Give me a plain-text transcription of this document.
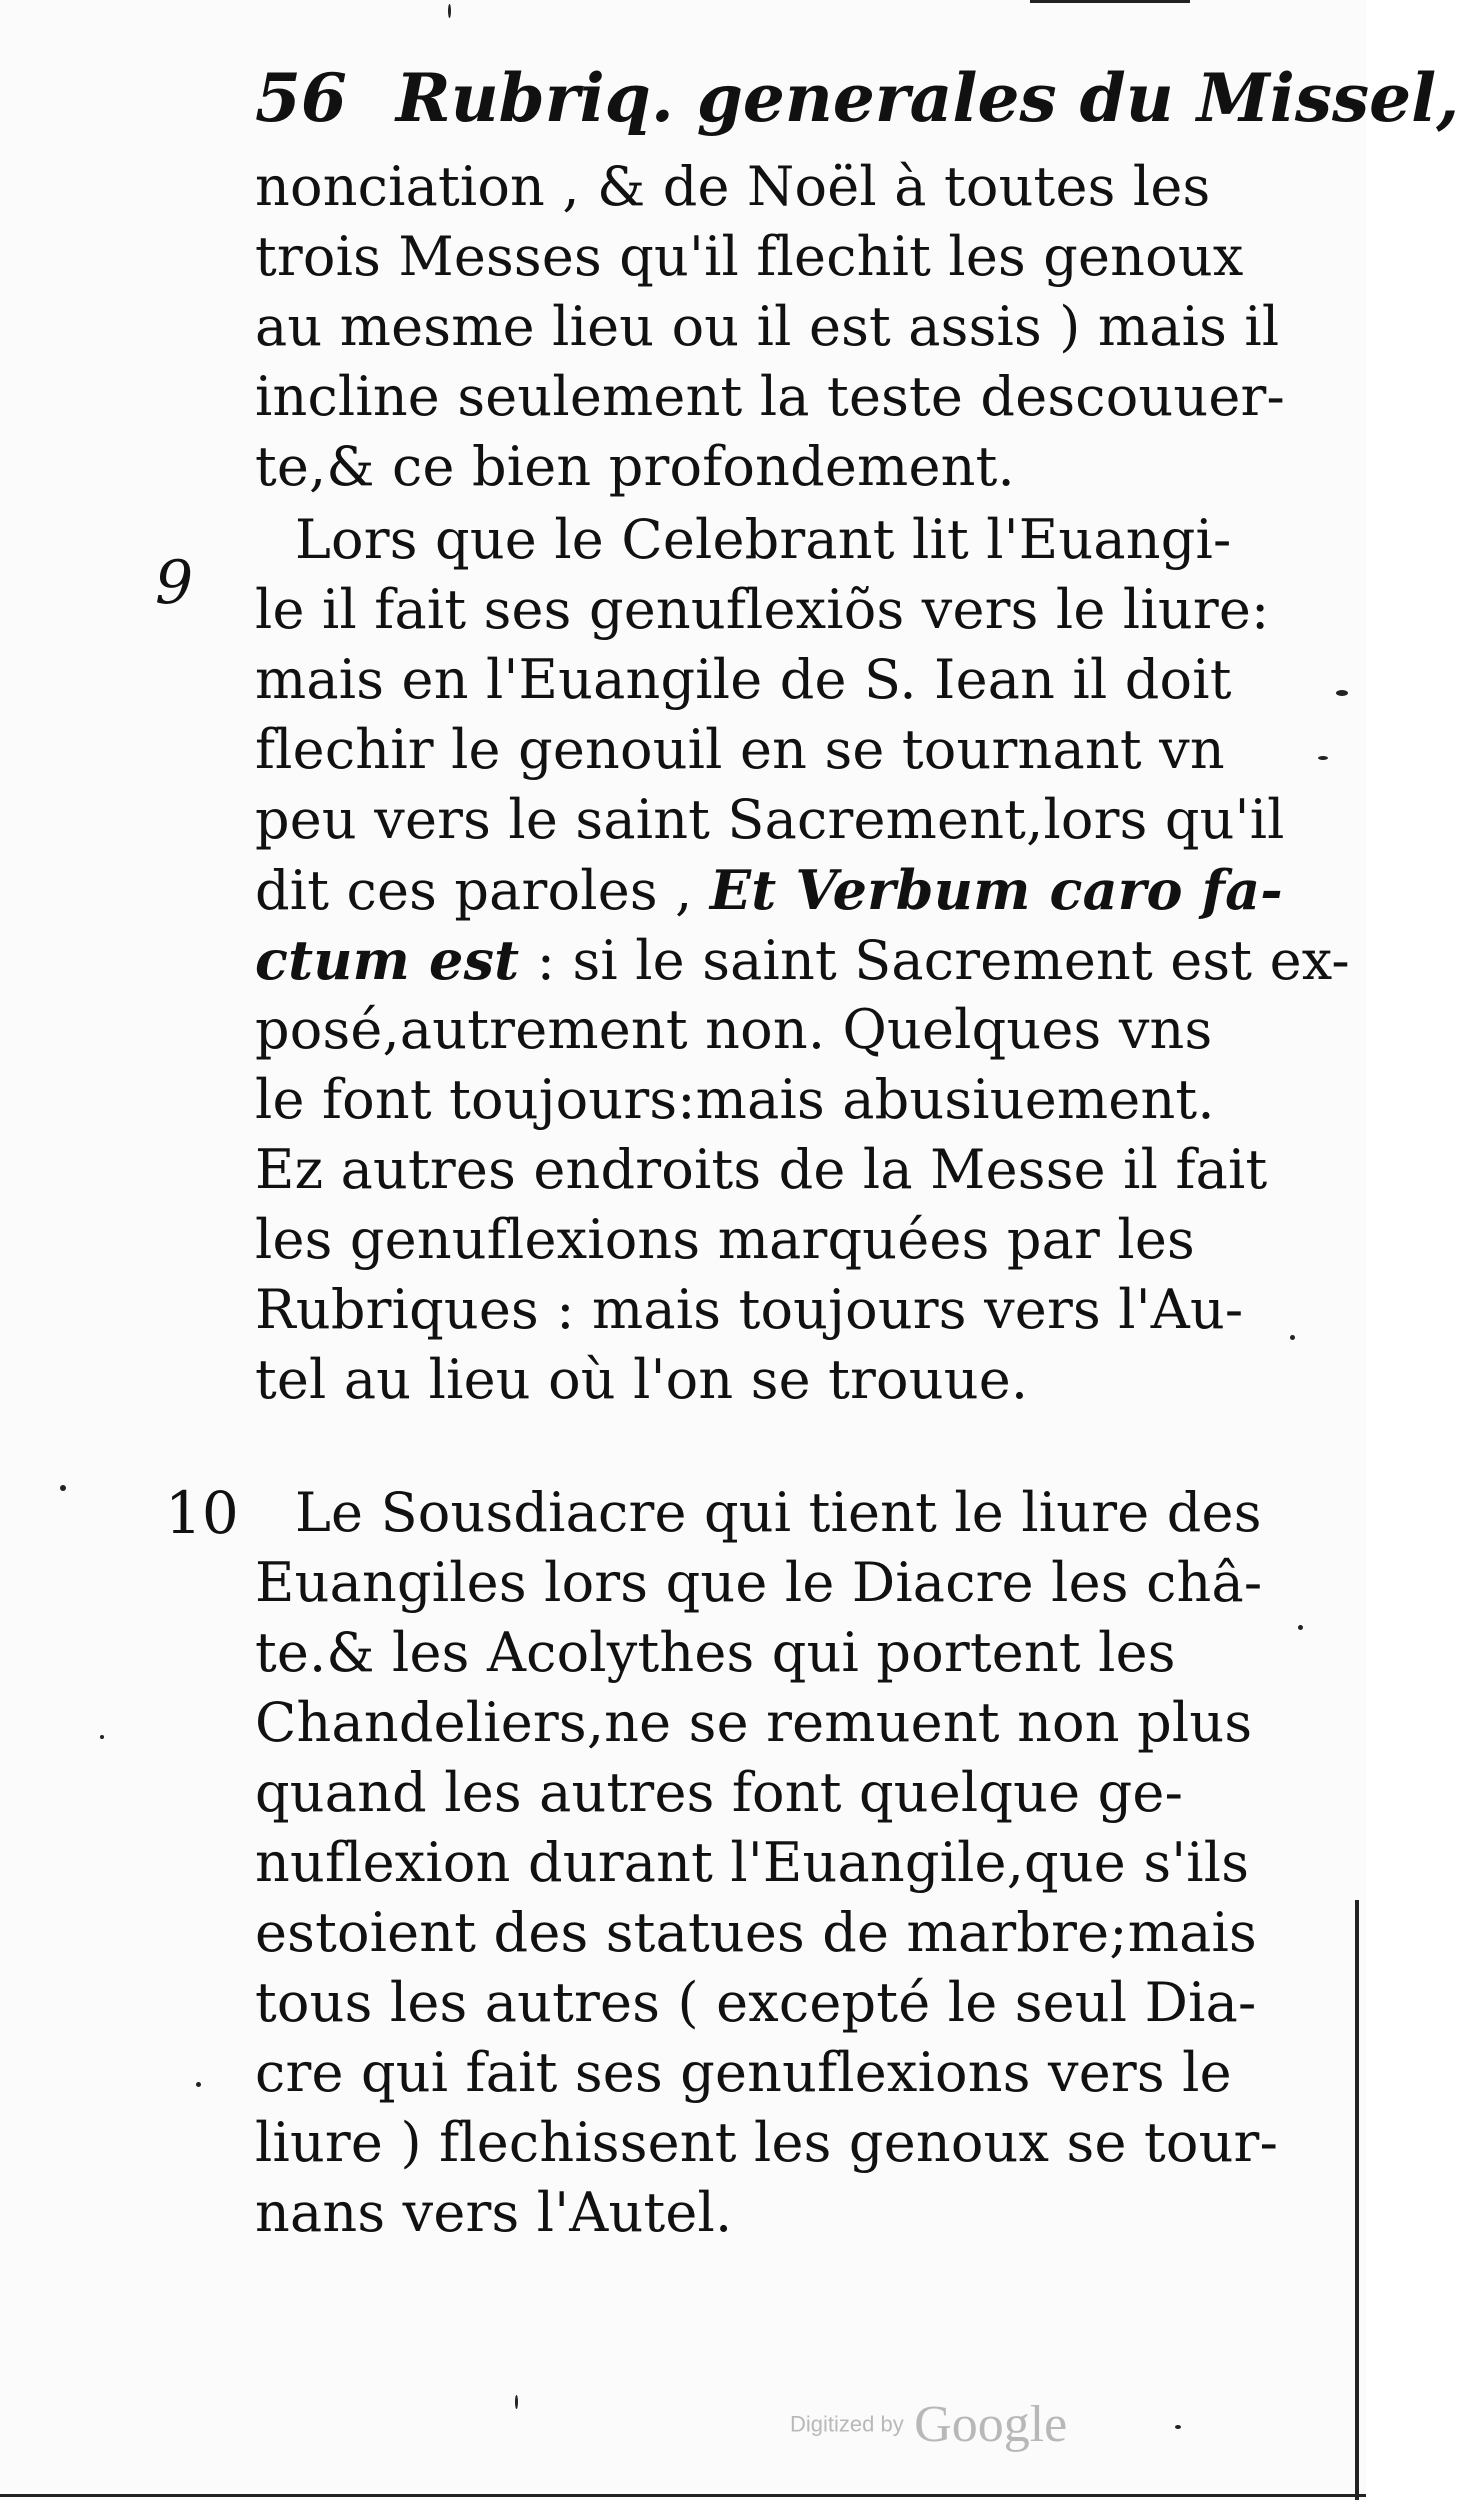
56 Rubriq. generales du Missel,
nonciation , & de Noël à toutes les
trois Messes qu'il flechit les genoux
au mesme lieu ou il est assis ) mais il
incline seulement la teste descouuer-
te,& ce bien profondement.
9
Lors que le Celebrant lit l'Euangi-
le il fait ses genuflexiõs vers le liure:
mais en l'Euangile de S. Iean il doit
flechir le genouil en se tournant vn
peu vers le saint Sacrement,lors qu'il
dit ces paroles , Et Verbum caro fa-
ctum est : si le saint Sacrement est ex-
posé,autrement non. Quelques vns
le font toujours:mais abusiuement.
Ez autres endroits de la Messe il fait
les genuflexions marquées par les
Rubriques : mais toujours vers l'Au-
tel au lieu où l'on se trouue.
10 Le Sousdiacre qui tient le liure des
Euangiles lors que le Diacre les châ-
te.& les Acolythes qui portent les
Chandeliers,ne se remuent non plus
quand les autres font quelque ge-
nuflexion durant l'Euangile,que s'ils
estoient des statues de marbre;mais
tous les autres ( excepté le seul Dia-
cre qui fait ses genuflexions vers le
liure ) flechissent les genoux se tour-
nans vers l'Autel.
Digitized by Google
